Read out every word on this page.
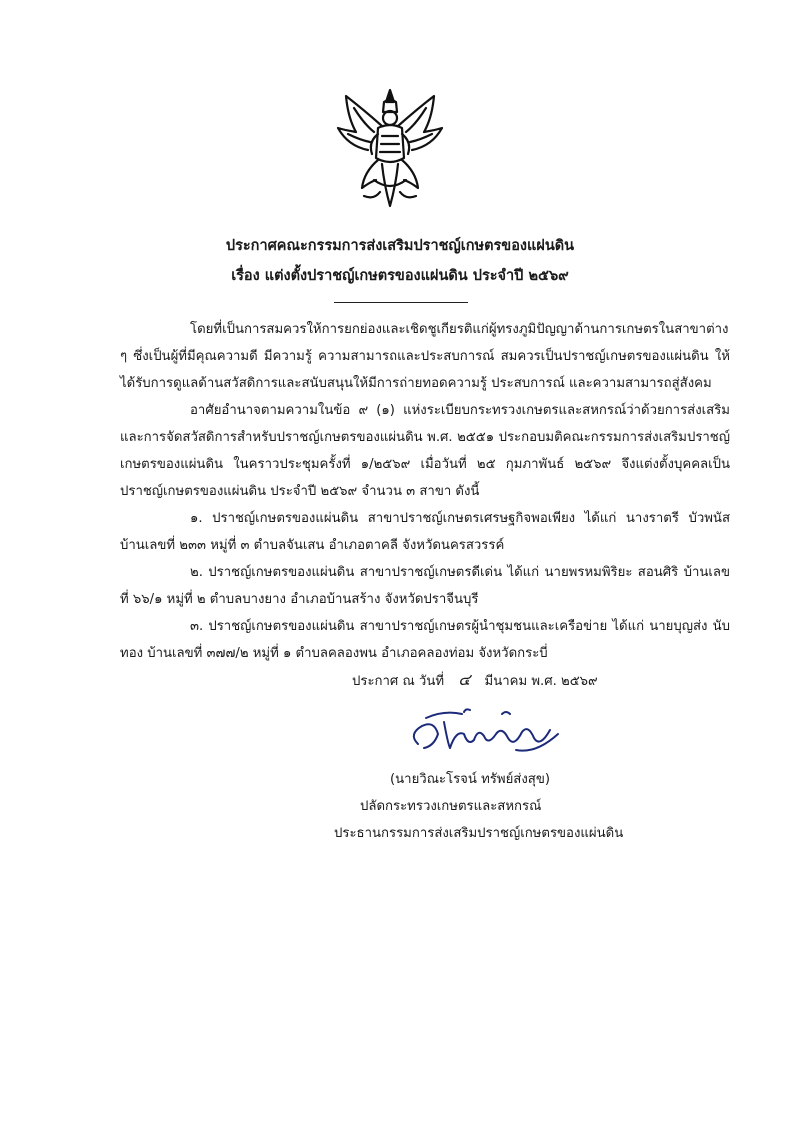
ประกาศคณะกรรมการส่งเสริมปราชญ์เกษตรของแผ่นดิน
เรื่อง แต่งตั้งปราชญ์เกษตรของแผ่นดิน ประจำปี ๒๕๖๙

โดยที่เป็นการสมควรให้การยกย่องและเชิดชูเกียรติแก่ผู้ทรงภูมิปัญญาด้านการเกษตรในสาขาต่าง ๆ ซึ่งเป็นผู้ที่มีคุณความดี มีความรู้ ความสามารถและประสบการณ์ สมควรเป็นปราชญ์เกษตรของแผ่นดิน ให้ได้รับการดูแลด้านสวัสดิการและสนับสนุนให้มีการถ่ายทอดความรู้ ประสบการณ์ และความสามารถสู่สังคม

อาศัยอำนาจตามความในข้อ ๙ (๑) แห่งระเบียบกระทรวงเกษตรและสหกรณ์ว่าด้วยการส่งเสริมและการจัดสวัสดิการสำหรับปราชญ์เกษตรของแผ่นดิน พ.ศ. ๒๕๕๑ ประกอบมติคณะกรรมการส่งเสริมปราชญ์เกษตรของแผ่นดิน ในคราวประชุมครั้งที่ ๑/๒๕๖๙ เมื่อวันที่ ๒๕ กุมภาพันธ์ ๒๕๖๙ จึงแต่งตั้งบุคคลเป็นปราชญ์เกษตรของแผ่นดิน ประจำปี ๒๕๖๙ จำนวน ๓ สาขา ดังนี้

๑. ปราชญ์เกษตรของแผ่นดิน สาขาปราชญ์เกษตรเศรษฐกิจพอเพียง ได้แก่ นางราตรี บัวพนัส บ้านเลขที่ ๒๓๓ หมู่ที่ ๓ ตำบลจันเสน อำเภอตาคลี จังหวัดนครสวรรค์

๒. ปราชญ์เกษตรของแผ่นดิน สาขาปราชญ์เกษตรดีเด่น ได้แก่ นายพรหมพิริยะ สอนศิริ บ้านเลขที่ ๖๖/๑ หมู่ที่ ๒ ตำบลบางยาง อำเภอบ้านสร้าง จังหวัดปราจีนบุรี

๓. ปราชญ์เกษตรของแผ่นดิน สาขาปราชญ์เกษตรผู้นำชุมชนและเครือข่าย ได้แก่ นายบุญส่ง นับทอง บ้านเลขที่ ๓๗๗/๒ หมู่ที่ ๑ ตำบลคลองพน อำเภอคลองท่อม จังหวัดกระบี่

ประกาศ ณ วันที่ ๔ มีนาคม พ.ศ. ๒๕๖๙
(นายวิณะโรจน์ ทรัพย์ส่งสุข)
ปลัดกระทรวงเกษตรและสหกรณ์
ประธานกรรมการส่งเสริมปราชญ์เกษตรของแผ่นดิน
